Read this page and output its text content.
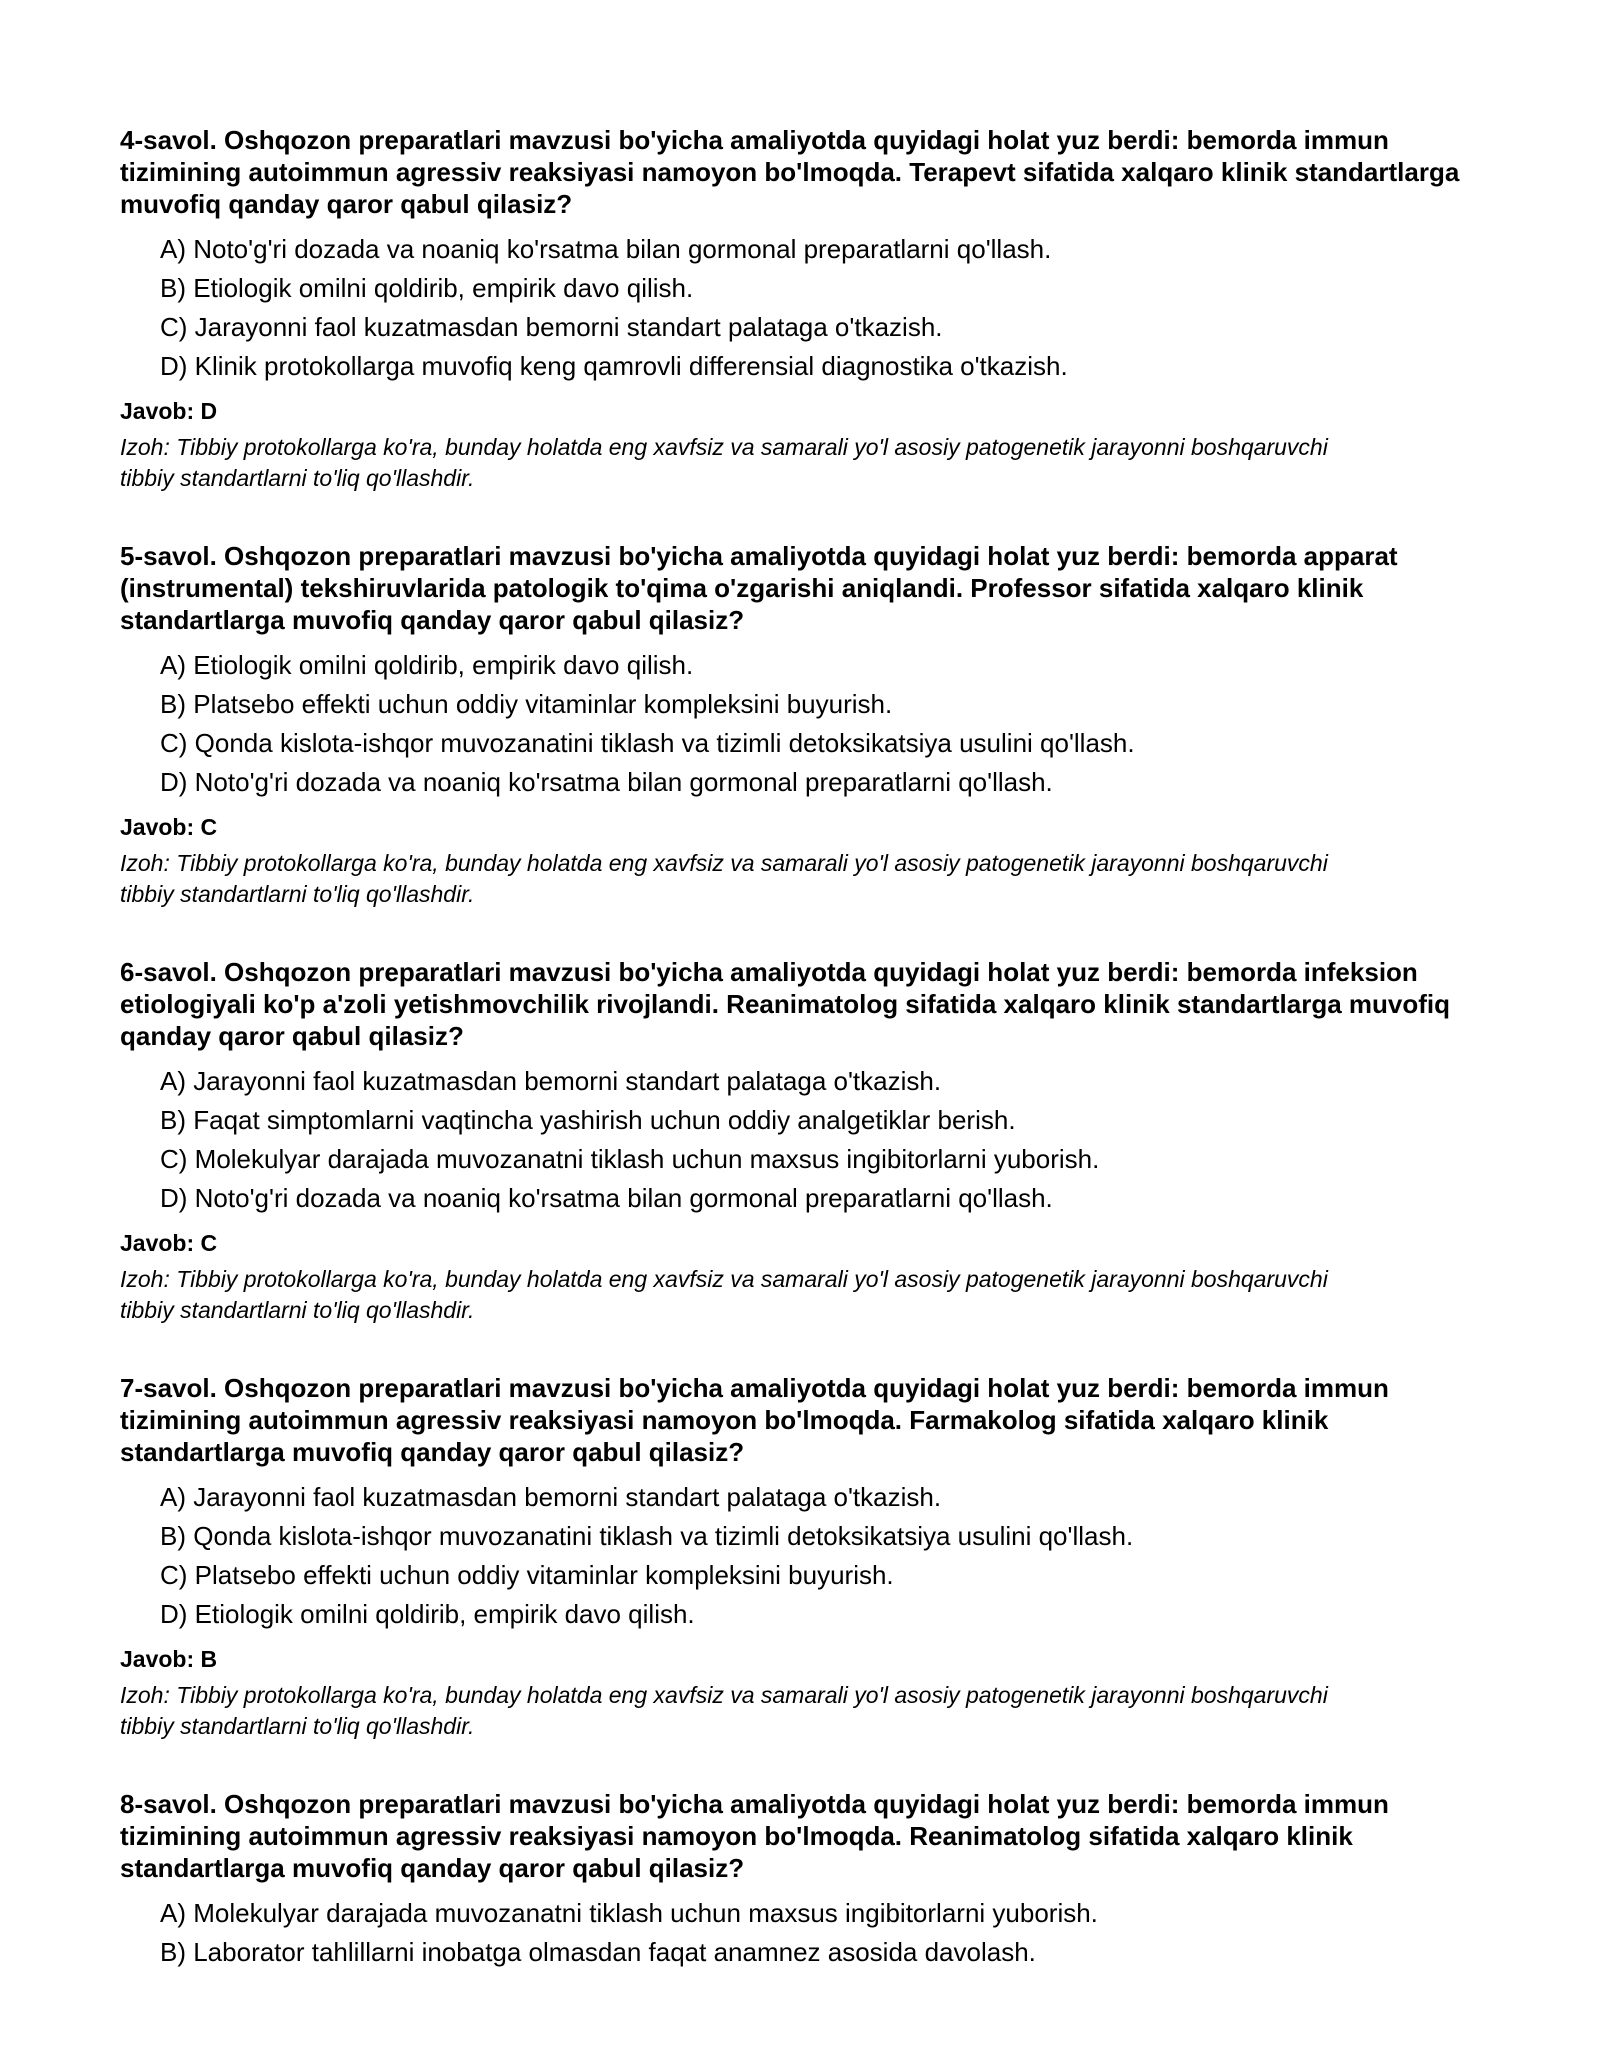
4-savol. Oshqozon preparatlari mavzusi bo'yicha amaliyotda quyidagi holat yuz berdi: bemorda immun tizimining autoimmun agressiv reaksiyasi namoyon bo'lmoqda. Terapevt sifatida xalqaro klinik standartlarga muvofiq qanday qaror qabul qilasiz?

A) Noto'g'ri dozada va noaniq ko'rsatma bilan gormonal preparatlarni qo'llash.
B) Etiologik omilni qoldirib, empirik davo qilish.
C) Jarayonni faol kuzatmasdan bemorni standart palataga o'tkazish.
D) Klinik protokollarga muvofiq keng qamrovli differensial diagnostika o'tkazish.

Javob: D

Izoh: Tibbiy protokollarga ko'ra, bunday holatda eng xavfsiz va samarali yo'l asosiy patogenetik jarayonni boshqaruvchi tibbiy standartlarni to'liq qo'llashdir.

5-savol. Oshqozon preparatlari mavzusi bo'yicha amaliyotda quyidagi holat yuz berdi: bemorda apparat (instrumental) tekshiruvlarida patologik to'qima o'zgarishi aniqlandi. Professor sifatida xalqaro klinik standartlarga muvofiq qanday qaror qabul qilasiz?

A) Etiologik omilni qoldirib, empirik davo qilish.
B) Platsebo effekti uchun oddiy vitaminlar kompleksini buyurish.
C) Qonda kislota-ishqor muvozanatini tiklash va tizimli detoksikatsiya usulini qo'llash.
D) Noto'g'ri dozada va noaniq ko'rsatma bilan gormonal preparatlarni qo'llash.

Javob: C

Izoh: Tibbiy protokollarga ko'ra, bunday holatda eng xavfsiz va samarali yo'l asosiy patogenetik jarayonni boshqaruvchi tibbiy standartlarni to'liq qo'llashdir.

6-savol. Oshqozon preparatlari mavzusi bo'yicha amaliyotda quyidagi holat yuz berdi: bemorda infeksion etiologiyali ko'p a'zoli yetishmovchilik rivojlandi. Reanimatolog sifatida xalqaro klinik standartlarga muvofiq qanday qaror qabul qilasiz?

A) Jarayonni faol kuzatmasdan bemorni standart palataga o'tkazish.
B) Faqat simptomlarni vaqtincha yashirish uchun oddiy analgetiklar berish.
C) Molekulyar darajada muvozanatni tiklash uchun maxsus ingibitorlarni yuborish.
D) Noto'g'ri dozada va noaniq ko'rsatma bilan gormonal preparatlarni qo'llash.

Javob: C

Izoh: Tibbiy protokollarga ko'ra, bunday holatda eng xavfsiz va samarali yo'l asosiy patogenetik jarayonni boshqaruvchi tibbiy standartlarni to'liq qo'llashdir.

7-savol. Oshqozon preparatlari mavzusi bo'yicha amaliyotda quyidagi holat yuz berdi: bemorda immun tizimining autoimmun agressiv reaksiyasi namoyon bo'lmoqda. Farmakolog sifatida xalqaro klinik standartlarga muvofiq qanday qaror qabul qilasiz?

A) Jarayonni faol kuzatmasdan bemorni standart palataga o'tkazish.
B) Qonda kislota-ishqor muvozanatini tiklash va tizimli detoksikatsiya usulini qo'llash.
C) Platsebo effekti uchun oddiy vitaminlar kompleksini buyurish.
D) Etiologik omilni qoldirib, empirik davo qilish.

Javob: B

Izoh: Tibbiy protokollarga ko'ra, bunday holatda eng xavfsiz va samarali yo'l asosiy patogenetik jarayonni boshqaruvchi tibbiy standartlarni to'liq qo'llashdir.

8-savol. Oshqozon preparatlari mavzusi bo'yicha amaliyotda quyidagi holat yuz berdi: bemorda immun tizimining autoimmun agressiv reaksiyasi namoyon bo'lmoqda. Reanimatolog sifatida xalqaro klinik standartlarga muvofiq qanday qaror qabul qilasiz?

A) Molekulyar darajada muvozanatni tiklash uchun maxsus ingibitorlarni yuborish.
B) Laborator tahlillarni inobatga olmasdan faqat anamnez asosida davolash.
